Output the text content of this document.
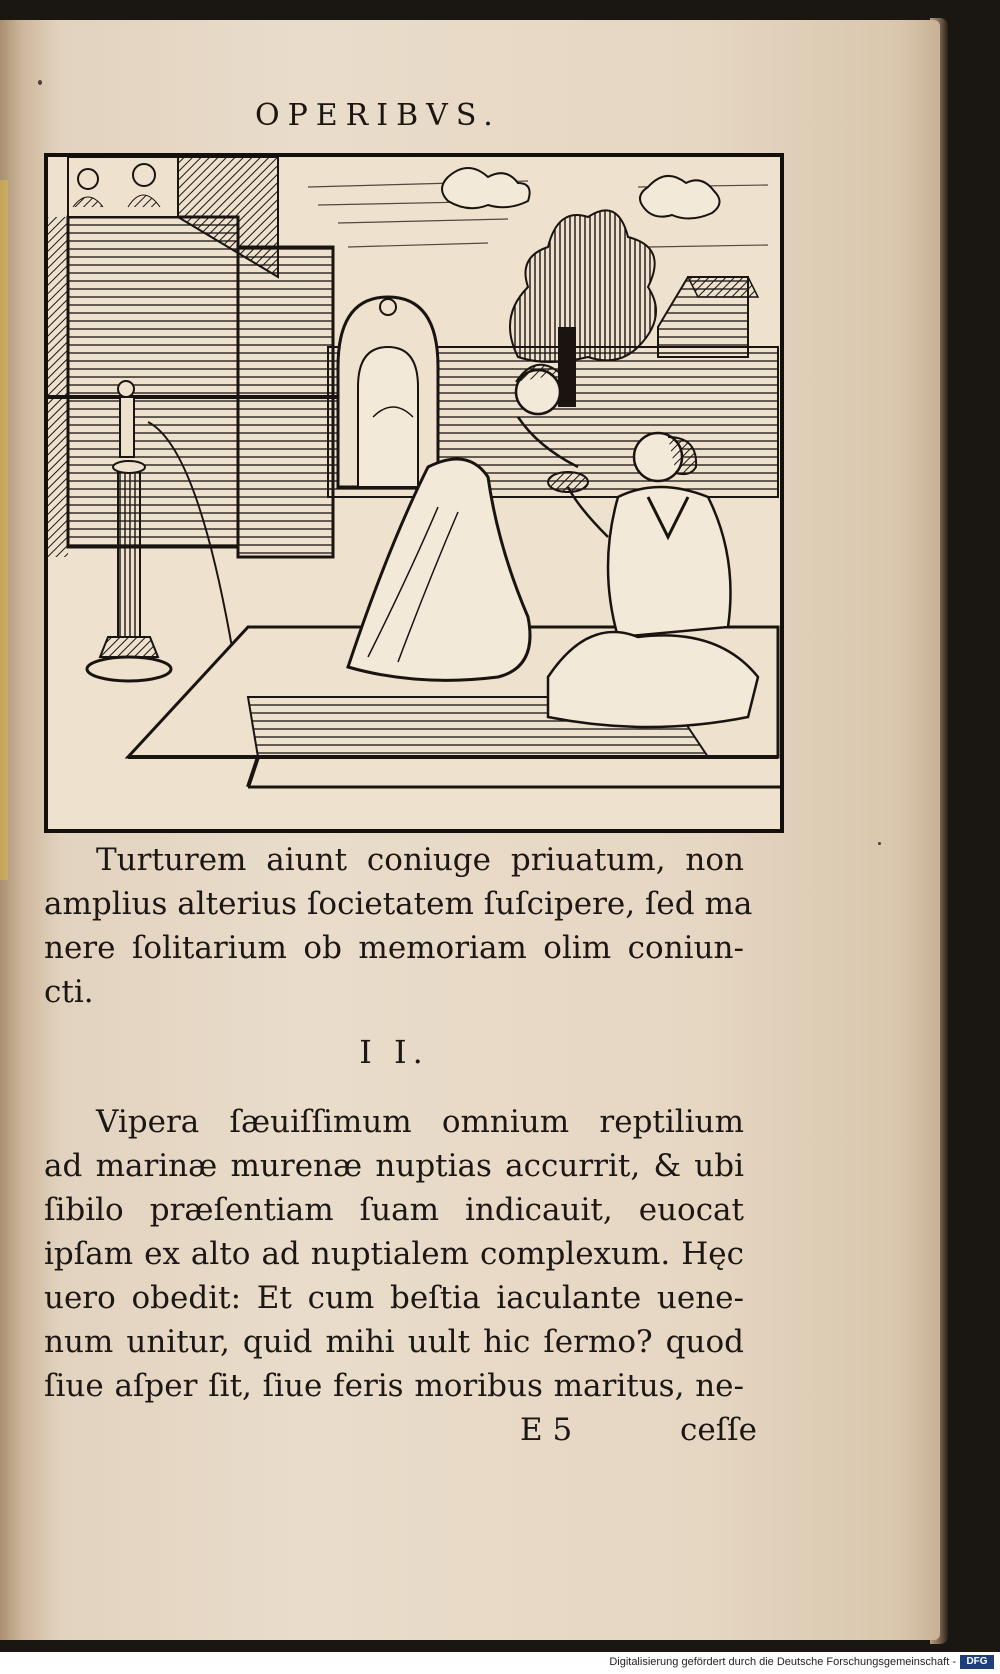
OPERIBVS.
Turturem aiunt coniuge priuatum, non
amplius alterius ſocietatem ſuſcipere, ſed ma
nere ſolitarium ob memoriam olim coniun-
cti.
I I.
Vipera ſæuiſſimum omnium reptilium
ad marinæ murenæ nuptias accurrit, & ubi
ſibilo præſentiam ſuam indicauit, euocat
ipſam ex alto ad nuptialem complexum. Hęc
uero obedit: Et cum beſtia iaculante uene-
num unitur, quid mihi uult hic ſermo? quod
ſiue aſper ſit, ſiue feris moribus maritus, ne-
E 5	ceſſe
Digitalisierung gefördert durch die Deutsche Forschungsgemeinschaft -	DFG
